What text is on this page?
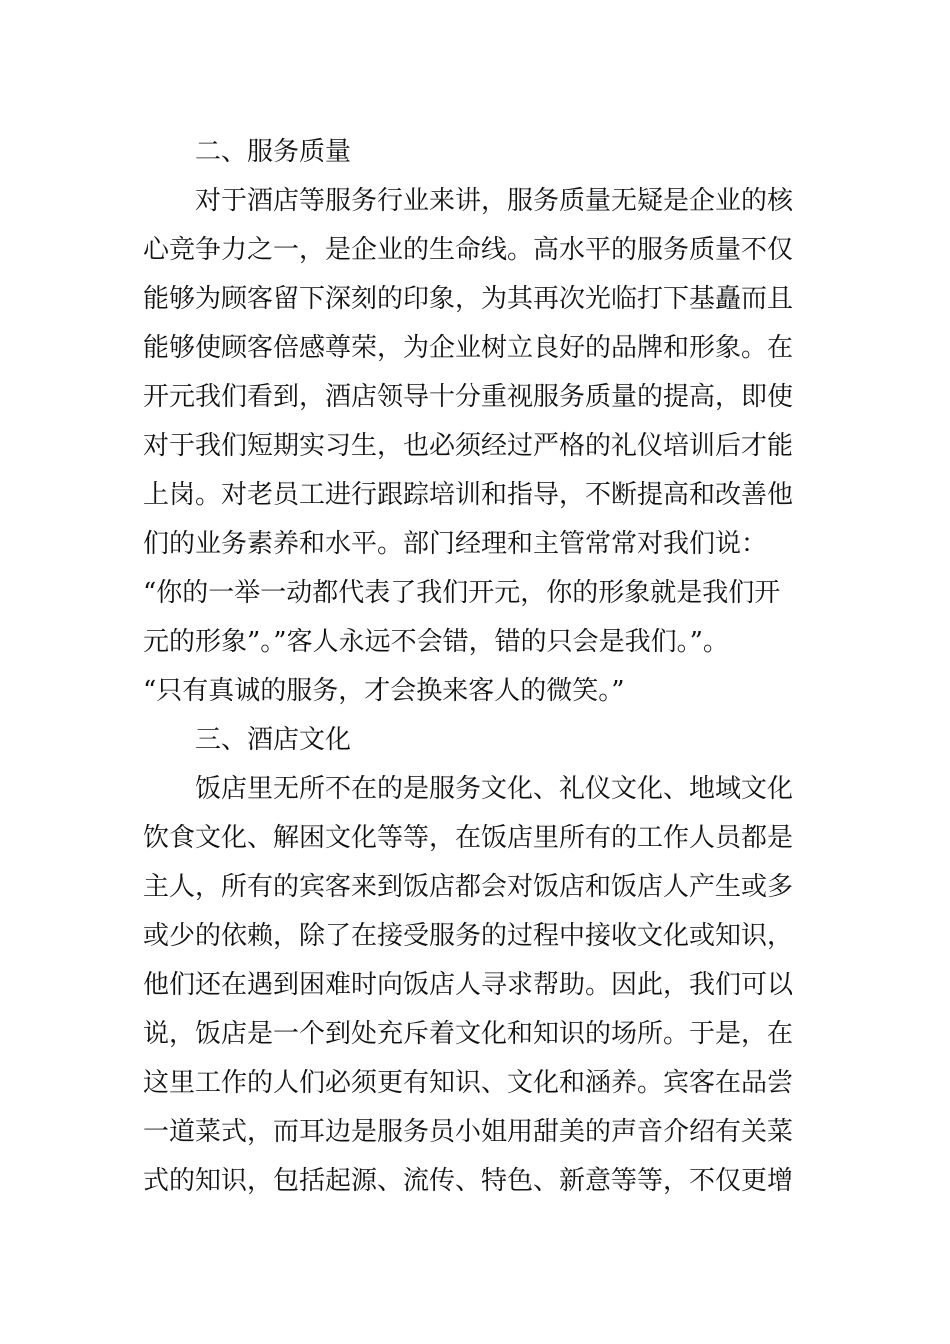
二、服务质量
对于酒店等服务行业来讲，服务质量无疑是企业的核
心竞争力之一，是企业的生命线。高水平的服务质量不仅
能够为顾客留下深刻的印象，为其再次光临打下基矗而且
能够使顾客倍感尊荣，为企业树立良好的品牌和形象。在
开元我们看到，酒店领导十分重视服务质量的提高，即使
对于我们短期实习生，也必须经过严格的礼仪培训后才能
上岗。对老员工进行跟踪培训和指导，不断提高和改善他
们的业务素养和水平。部门经理和主管常常对我们说：
“你的一举一动都代表了我们开元，你的形象就是我们开
元的形象”。”客人永远不会错，错的只会是我们。”。
“只有真诚的服务，才会换来客人的微笑。”
三、酒店文化
饭店里无所不在的是服务文化、礼仪文化、地域文化
饮食文化、解困文化等等，在饭店里所有的工作人员都是
主人，所有的宾客来到饭店都会对饭店和饭店人产生或多
或少的依赖，除了在接受服务的过程中接收文化或知识，
他们还在遇到困难时向饭店人寻求帮助。因此，我们可以
说，饭店是一个到处充斥着文化和知识的场所。于是，在
这里工作的人们必须更有知识、文化和涵养。宾客在品尝
一道菜式，而耳边是服务员小姐用甜美的声音介绍有关菜
式的知识，包括起源、流传、特色、新意等等，不仅更增
